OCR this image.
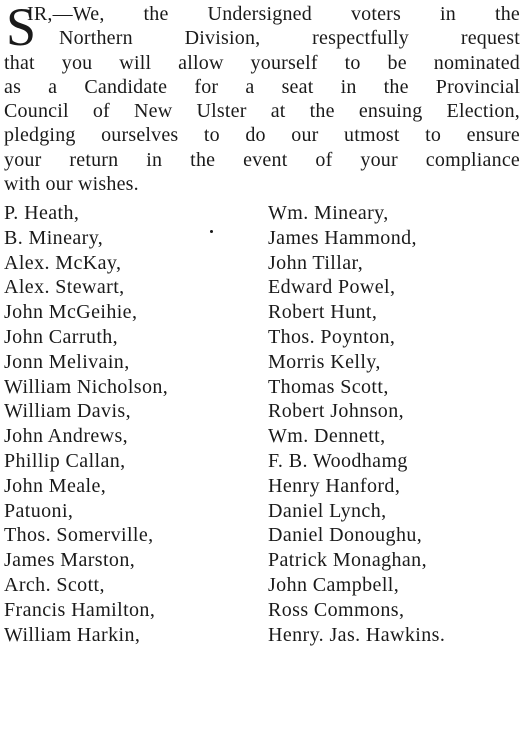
S
IR,—We, the Undersigned voters in the
Northern Division, respectfully request
that you will allow yourself to be nominated
as a Candidate for a seat in the Provincial
Council of New Ulster at the ensuing Election,
pledging ourselves to do our utmost to ensure
your return in the event of your compliance
with our wishes.
P. Heath,
B. Mineary,
Alex. McKay,
Alex. Stewart,
John McGeihie,
John Carruth,
Jonn Melivain,
William Nicholson,
William Davis,
John Andrews,
Phillip Callan,
John Meale,
Patuoni,
Thos. Somerville,
James Marston,
Arch. Scott,
Francis Hamilton,
William Harkin,
Wm. Mineary,
James Hammond,
John Tillar,
Edward Powel,
Robert Hunt,
Thos. Poynton,
Morris Kelly,
Thomas Scott,
Robert Johnson,
Wm. Dennett,
F. B. Woodhamg
Henry Hanford,
Daniel Lynch,
Daniel Donoughu,
Patrick Monaghan,
John Campbell,
Ross Commons,
Henry. Jas. Hawkins.
